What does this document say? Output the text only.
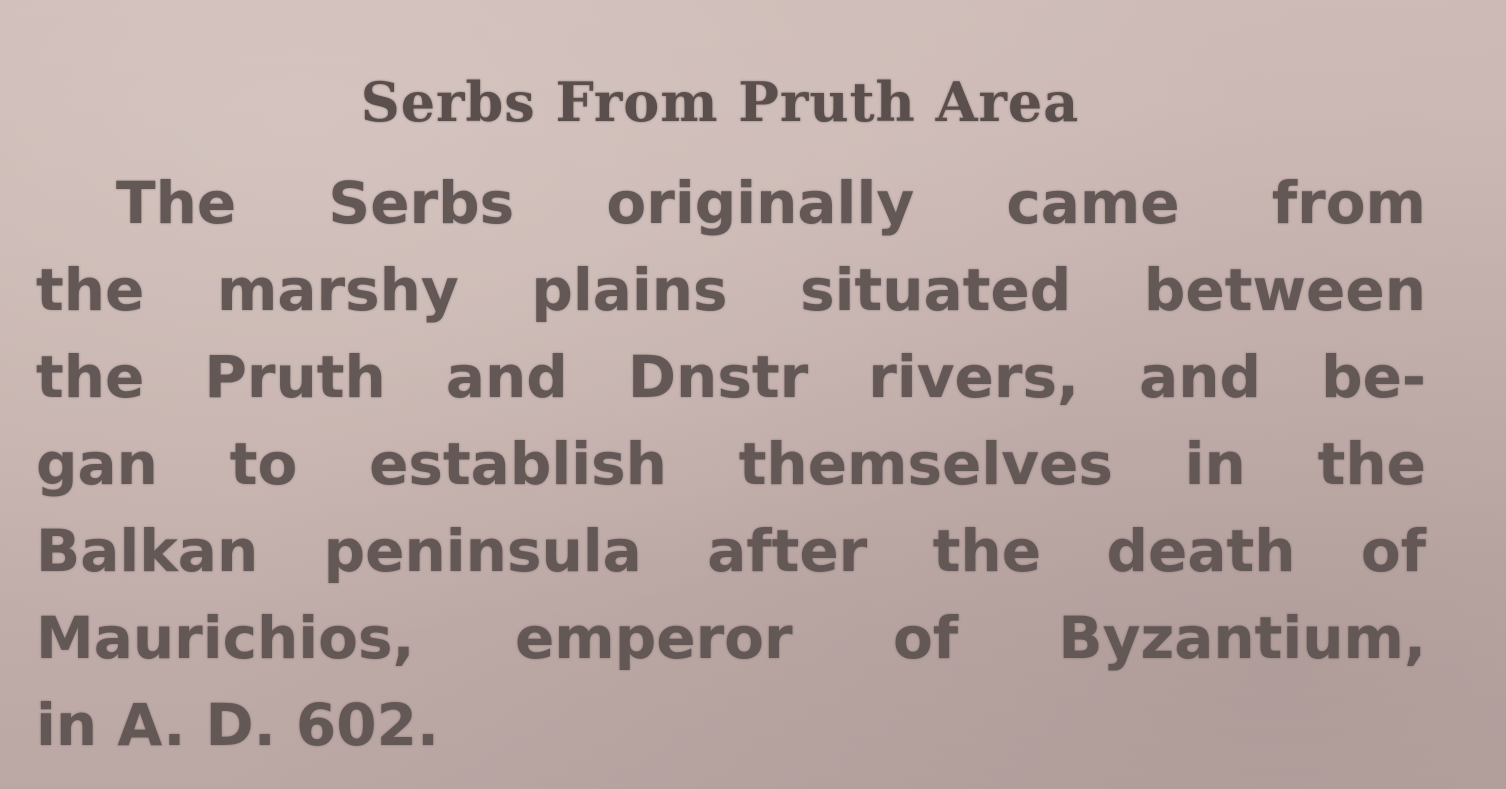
Serbs From Pruth Area
The Serbs originally came from
the marshy plains situated between
the Pruth and Dnstr rivers, and be-
gan to establish themselves in the
Balkan peninsula after the death of
Maurichios, emperor of Byzantium,
in A. D. 602.
